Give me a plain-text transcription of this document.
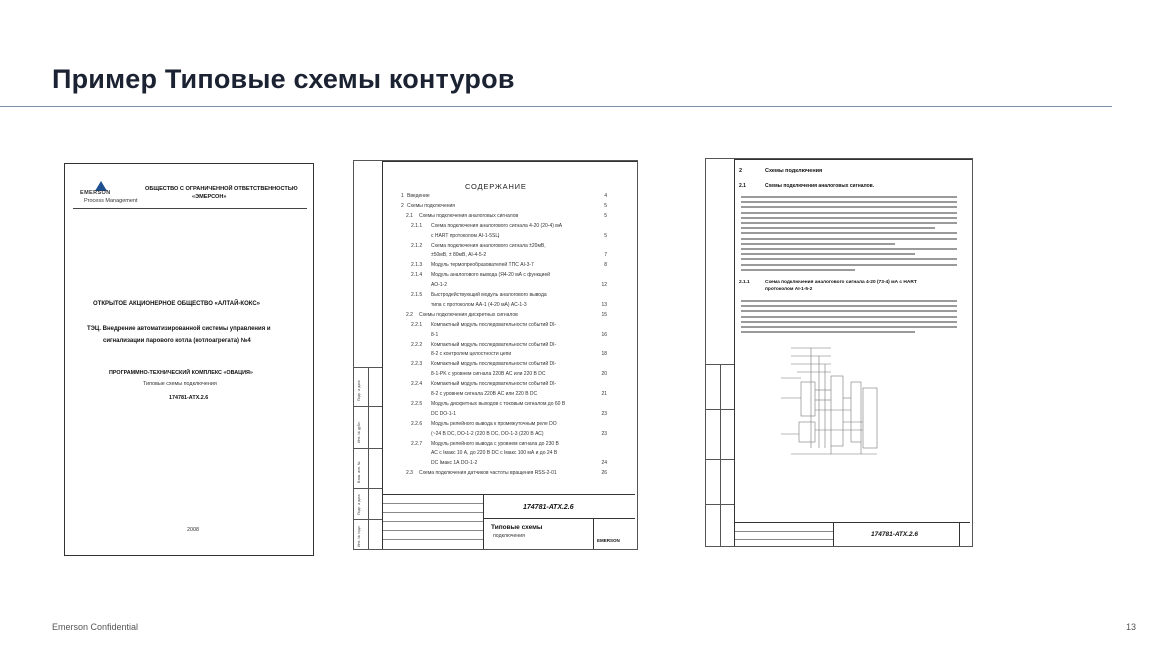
Пример Типовые схемы контуров
EMERSON
Process Management
ОБЩЕСТВО С ОГРАНИЧЕННОЙ ОТВЕТСТВЕННОСТЬЮ
«ЭМЕРСОН»
ОТКРЫТОЕ АКЦИОНЕРНОЕ ОБЩЕСТВО «АЛТАЙ-КОКС»
ТЭЦ. Внедрение автоматизированной системы управления и
сигнализации парового котла (котлоагрегата) №4
ПРОГРАММНО-ТЕХНИЧЕСКИЙ КОМПЛЕКС «ОВАЦИЯ»
Типовые схемы подключения
174781-АТХ.2.6
2008
Подп. и дата
Инв. № дубл.
Взам. инв. №
Подп. и дата
Инв. № подл.
СОДЕРЖАНИЕ
1 Введение	4
2 Схемы подключения	5
2.1 Схемы подключения аналоговых сигналов	5
2.1.1 Схема подключения аналогового сигнала 4-20 (20-4) мА
с HART протоколом АI-1-5SЦ	5
2.1.2 Схема подключения аналогового сигнала ±20мВ,
±50мВ, ± 80мВ, АI-4-5-2	7
2.1.3 Модуль термопреобразователей ТПС АI-3-7	8
2.1.4 Модуль аналогового вывода (Я4-20 мА с функцией
АО-1-2	12
2.1.5 Быстродействующий модуль аналогового вывода
типа с протоколом АА-1 (4-20 мА) АС-1-3	13
2.2 Схемы подключения дискретных сигналов	15
2.2.1 Компактный модуль последовательности событий DI-
8-1	16
2.2.2 Компактный модуль последовательности событий DI-
8-2 с контролем целостности цепи	18
2.2.3 Компактный модуль последовательности событий DI-
8-1-PK с уровнем сигнала 220В АС или 220 В DC	20
2.2.4 Компактный модуль последовательности событий DI-
8-2 с уровнем сигнала 220В АС или 220 В DC	21
2.2.5 Модуль дискретных выходов с токовым сигналом до 60 В
DC DO-1-1	23
2.2.6 Модуль релейного вывода к промежуточным реле DO
(~24 В DC, DO-1-2 (220 В DC, DO-1-3 (220 В АС)	23
2.2.7 Модуль релейного вывода с уровнем сигнала до 230 В
АС с Iмакс 10 А, до 220 В DC с Iмакс 100 мА и до 24 В
DC Iмакс 1А DO-1-2	24
2.3 Схема подключения датчиков частоты вращения RSS-2-01	26
174781-АТХ.2.6
Типовые схемы
подключения
EMERSON
2	Схемы подключения
2.1	Схемы подключения аналоговых сигналов.
2.1.1	Схема подключения аналогового сигнала 4-20 (73-4) мА с HART
протоколом AI-1-5-2
174781-АТХ.2.6
Emerson Confidential	13
